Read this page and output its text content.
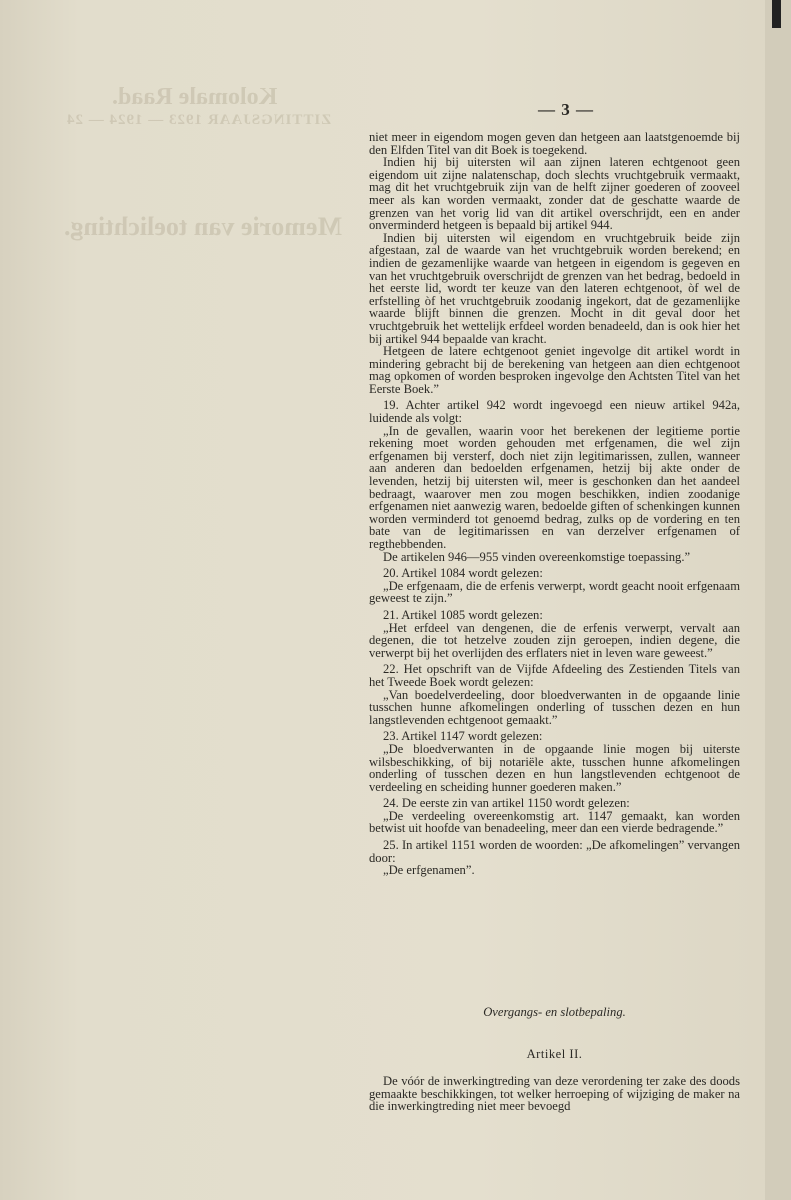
Kolomale Raad.
ZITTINGSJAAR 1923 — 1924 — 24
Memorie van toelichting.
— 3 —

niet meer in eigendom mogen geven dan hetgeen aan laatstgenoemde bij den Elfden Titel van dit Boek is toegekend.

Indien hij bij uitersten wil aan zijnen lateren echtgenoot geen eigendom uit zijne nalatenschap, doch slechts vruchtgebruik vermaakt, mag dit het vruchtgebruik zijn van de helft zijner goederen of zooveel meer als kan worden vermaakt, zonder dat de geschatte waarde de grenzen van het vorig lid van dit artikel overschrijdt, een en ander onverminderd hetgeen is bepaald bij artikel 944.

Indien bij uitersten wil eigendom en vruchtgebruik beide zijn afgestaan, zal de waarde van het vruchtgebruik worden berekend; en indien de gezamenlijke waarde van hetgeen in eigendom is gegeven en van het vruchtgebruik overschrijdt de grenzen van het bedrag, bedoeld in het eerste lid, wordt ter keuze van den lateren echtgenoot, òf wel de erfstelling òf het vruchtgebruik zoodanig ingekort, dat de gezamenlijke waarde blijft binnen die grenzen. Mocht in dit geval door het vruchtgebruik het wettelijk erfdeel worden benadeeld, dan is ook hier het bij artikel 944 bepaalde van kracht.

Hetgeen de latere echtgenoot geniet ingevolge dit artikel wordt in mindering gebracht bij de berekening van hetgeen aan dien echtgenoot mag opkomen of worden besproken ingevolge den Achtsten Titel van het Eerste Boek.”

19. Achter artikel 942 wordt ingevoegd een nieuw artikel 942a, luidende als volgt:

„In de gevallen, waarin voor het berekenen der legitieme portie rekening moet worden gehouden met erfgenamen, die wel zijn erfgenamen bij versterf, doch niet zijn legitimarissen, zullen, wanneer aan anderen dan bedoelden erfgenamen, hetzij bij akte onder de levenden, hetzij bij uitersten wil, meer is geschonken dan het aandeel bedraagt, waarover men zou mogen beschikken, indien zoodanige erfgenamen niet aanwezig waren, bedoelde giften of schenkingen kunnen worden verminderd tot genoemd bedrag, zulks op de vordering en ten bate van de legitimarissen en van derzelver erfgenamen of regthebbenden.

De artikelen 946—955 vinden overeenkomstige toepassing.”

20. Artikel 1084 wordt gelezen:

„De erfgenaam, die de erfenis verwerpt, wordt geacht nooit erfgenaam geweest te zijn.”

21. Artikel 1085 wordt gelezen:

„Het erfdeel van dengenen, die de erfenis verwerpt, vervalt aan degenen, die tot hetzelve zouden zijn geroepen, indien degene, die verwerpt bij het overlijden des erflaters niet in leven ware geweest.”

22. Het opschrift van de Vijfde Afdeeling des Zestienden Titels van het Tweede Boek wordt gelezen:

„Van boedelverdeeling, door bloedverwanten in de opgaande linie tusschen hunne afkomelingen onderling of tusschen dezen en hun langstlevenden echtgenoot gemaakt.”

23. Artikel 1147 wordt gelezen:

„De bloedverwanten in de opgaande linie mogen bij uiterste wilsbeschikking, of bij notariële akte, tusschen hunne afkomelingen onderling of tusschen dezen en hun langstlevenden echtgenoot de verdeeling en scheiding hunner goederen maken.”

24. De eerste zin van artikel 1150 wordt gelezen:

„De verdeeling overeenkomstig art. 1147 gemaakt, kan worden betwist uit hoofde van benadeeling, meer dan een vierde bedragende.”

25. In artikel 1151 worden de woorden: „De afkomelingen” vervangen door:

„De erfgenamen”.

Overgangs- en slotbepaling.
Artikel II.

De vóór de inwerkingtreding van deze verordening ter zake des doods gemaakte beschikkingen, tot welker herroeping of wijziging de maker na die inwerkingtreding niet meer bevoegd
